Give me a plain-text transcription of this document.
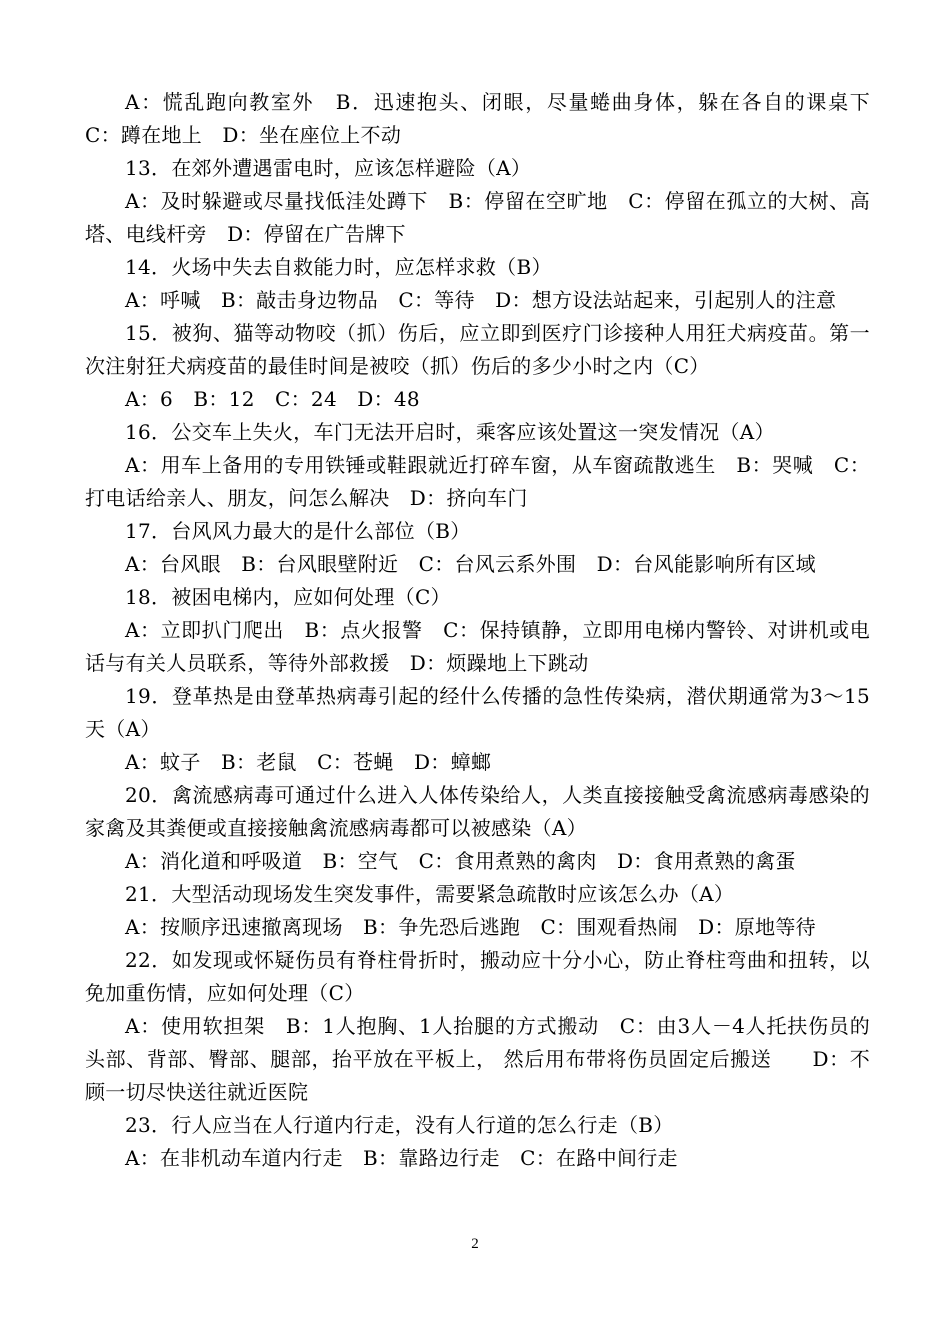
A：慌乱跑向教室外　B．迅速抱头、闭眼，尽量蜷曲身体，躲在各自的课桌下　C：蹲在地上　D：坐在座位上不动

13．在郊外遭遇雷电时，应该怎样避险（A）

A：及时躲避或尽量找低洼处蹲下　B：停留在空旷地　C：停留在孤立的大树、高塔、电线杆旁　D：停留在广告牌下

14．火场中失去自救能力时，应怎样求救（B）

A：呼喊　B：敲击身边物品　C：等待　D：想方设法站起来，引起别人的注意

15．被狗、猫等动物咬（抓）伤后，应立即到医疗门诊接种人用狂犬病疫苗。第一次注射狂犬病疫苗的最佳时间是被咬（抓）伤后的多少小时之内（C）

A：6　B：12　C：24　D：48

16．公交车上失火，车门无法开启时，乘客应该处置这一突发情况（A）

A：用车上备用的专用铁锤或鞋跟就近打碎车窗，从车窗疏散逃生　B：哭喊　C：打电话给亲人、朋友，问怎么解决　D：挤向车门

17．台风风力最大的是什么部位（B）

A：台风眼　B：台风眼壁附近　C：台风云系外围　D：台风能影响所有区域

18．被困电梯内，应如何处理（C）

A：立即扒门爬出　B：点火报警　C：保持镇静，立即用电梯内警铃、对讲机或电话与有关人员联系，等待外部救援　D：烦躁地上下跳动

19．登革热是由登革热病毒引起的经什么传播的急性传染病，潜伏期通常为3～15天（A）

A：蚊子　B：老鼠　C：苍蝇　D：蟑螂

20．禽流感病毒可通过什么进入人体传染给人，人类直接接触受禽流感病毒感染的家禽及其粪便或直接接触禽流感病毒都可以被感染（A）

A：消化道和呼吸道　B：空气　C：食用煮熟的禽肉　D：食用煮熟的禽蛋

21．大型活动现场发生突发事件，需要紧急疏散时应该怎么办（A）

A：按顺序迅速撤离现场　B：争先恐后逃跑　C：围观看热闹　D：原地等待

22．如发现或怀疑伤员有脊柱骨折时，搬动应十分小心，防止脊柱弯曲和扭转，以免加重伤情，应如何处理（C）

A：使用软担架　B：1人抱胸、1人抬腿的方式搬动　C：由3人－4人托扶伤员的头部、背部、臀部、腿部，抬平放在平板上， 然后用布带将伤员固定后搬送　　D：不顾一切尽快送往就近医院

23．行人应当在人行道内行走，没有人行道的怎么行走（B）

A：在非机动车道内行走　B：靠路边行走　C：在路中间行走

2
